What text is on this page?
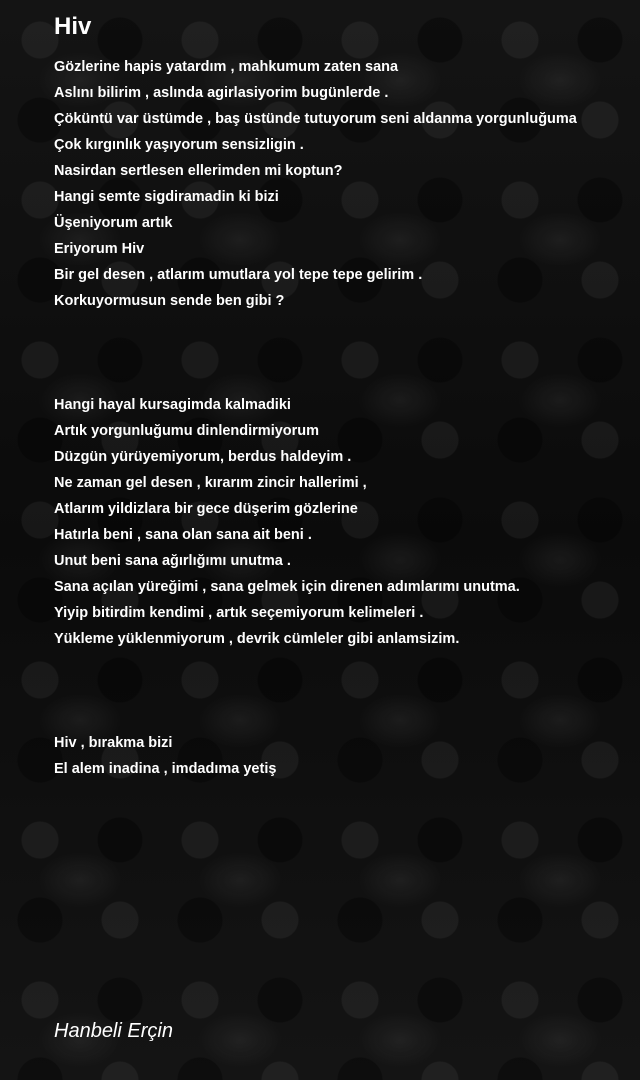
Hiv
Gözlerine hapis yatardım , mahkumum zaten sana
Aslını bilirim , aslında agirlasiyorim bugünlerde .
Çöküntü var üstümde , baş üstünde tutuyorum seni aldanma yorgunluğuma
Çok kırgınlık yaşıyorum sensizligin .
Nasirdan sertlesen ellerimden mi koptun?
Hangi semte sigdiramadin ki bizi
Üşeniyorum artık
Eriyorum Hiv
Bir gel desen , atlarım umutlara yol tepe tepe gelirim .
Korkuyormusun sende ben gibi ?
Hangi hayal kursagimda kalmadiki
Artık yorgunluğumu dinlendirmiyorum
Düzgün yürüyemiyorum, berdus haldeyim .
Ne zaman gel desen , kırarım zincir hallerimi ,
Atlarım yildizlara bir gece düşerim gözlerine
Hatırla beni , sana olan sana ait beni .
Unut beni sana ağırlığımı unutma .
Sana açılan yüreğimi , sana gelmek için direnen adımlarımı unutma.
Yiyip bitirdim kendimi , artık seçemiyorum kelimeleri .
Yükleme yüklenmiyorum , devrik cümleler gibi anlamsizim.
Hiv , bırakma bizi
El alem inadina , imdadıma yetiş
Hanbeli Erçin
